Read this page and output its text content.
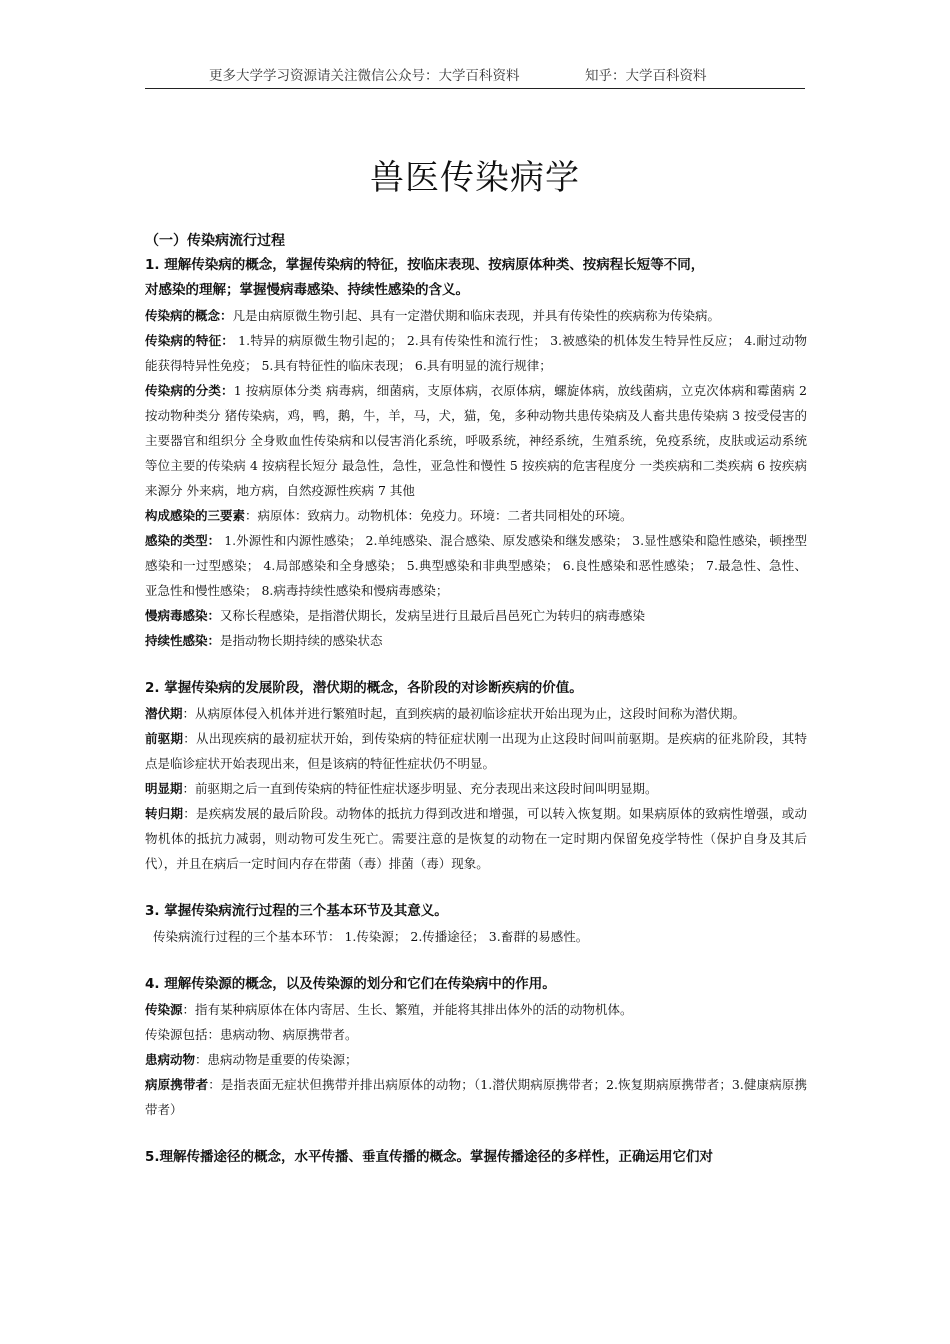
更多大学学习资源请关注微信公众号：大学百科资料	知乎：大学百科资料
兽医传染病学

（一）传染病流行过程

1. 理解传染病的概念，掌握传染病的特征，按临床表现、按病原体种类、按病程长短等不同，

对感染的理解；掌握慢病毒感染、持续性感染的含义。

传染病的概念：凡是由病原微生物引起、具有一定潜伏期和临床表现，并具有传染性的疾病称为传染病。

传染病的特征： 1.特异的病原微生物引起的； 2.具有传染性和流行性； 3.被感染的机体发生特异性反应； 4.耐过动物能获得特异性免疫； 5.具有特征性的临床表现； 6.具有明显的流行规律；

传染病的分类：1 按病原体分类 病毒病，细菌病，支原体病，衣原体病，螺旋体病，放线菌病，立克次体病和霉菌病 2 按动物种类分 猪传染病，鸡，鸭，鹅，牛，羊，马，犬，猫，兔，多种动物共患传染病及人畜共患传染病 3 按受侵害的主要器官和组织分 全身败血性传染病和以侵害消化系统，呼吸系统，神经系统，生殖系统，免疫系统，皮肤或运动系统等位主要的传染病 4 按病程长短分 最急性，急性，亚急性和慢性 5 按疾病的危害程度分 一类疾病和二类疾病 6 按疾病来源分 外来病，地方病，自然疫源性疾病 7 其他

构成感染的三要素：病原体：致病力。动物机体：免疫力。环境：二者共同相处的环境。

感染的类型： 1.外源性和内源性感染； 2.单纯感染、混合感染、原发感染和继发感染； 3.显性感染和隐性感染，顿挫型感染和一过型感染； 4.局部感染和全身感染； 5.典型感染和非典型感染； 6.良性感染和恶性感染； 7.最急性、急性、亚急性和慢性感染； 8.病毒持续性感染和慢病毒感染；

慢病毒感染：又称长程感染，是指潜伏期长，发病呈进行且最后昌邑死亡为转归的病毒感染

持续性感染：是指动物长期持续的感染状态

2. 掌握传染病的发展阶段，潜伏期的概念，各阶段的对诊断疾病的价值。

潜伏期：从病原体侵入机体并进行繁殖时起，直到疾病的最初临诊症状开始出现为止，这段时间称为潜伏期。

前驱期：从出现疾病的最初症状开始，到传染病的特征症状刚一出现为止这段时间叫前驱期。是疾病的征兆阶段，其特点是临诊症状开始表现出来，但是该病的特征性症状仍不明显。

明显期：前驱期之后一直到传染病的特征性症状逐步明显、充分表现出来这段时间叫明显期。

转归期：是疾病发展的最后阶段。动物体的抵抗力得到改进和增强，可以转入恢复期。如果病原体的致病性增强，或动物机体的抵抗力减弱，则动物可发生死亡。需要注意的是恢复的动物在一定时期内保留免疫学特性（保护自身及其后代），并且在病后一定时间内存在带菌（毒）排菌（毒）现象。

3. 掌握传染病流行过程的三个基本环节及其意义。

传染病流行过程的三个基本环节： 1.传染源； 2.传播途径； 3.畜群的易感性。

4. 理解传染源的概念，以及传染源的划分和它们在传染病中的作用。

传染源：指有某种病原体在体内寄居、生长、繁殖，并能将其排出体外的活的动物机体。

传染源包括：患病动物、病原携带者。

患病动物：患病动物是重要的传染源；

病原携带者：是指表面无症状但携带并排出病原体的动物；（1.潜伏期病原携带者；2.恢复期病原携带者；3.健康病原携带者）

5.理解传播途径的概念，水平传播、垂直传播的概念。掌握传播途径的多样性，正确运用它们对
